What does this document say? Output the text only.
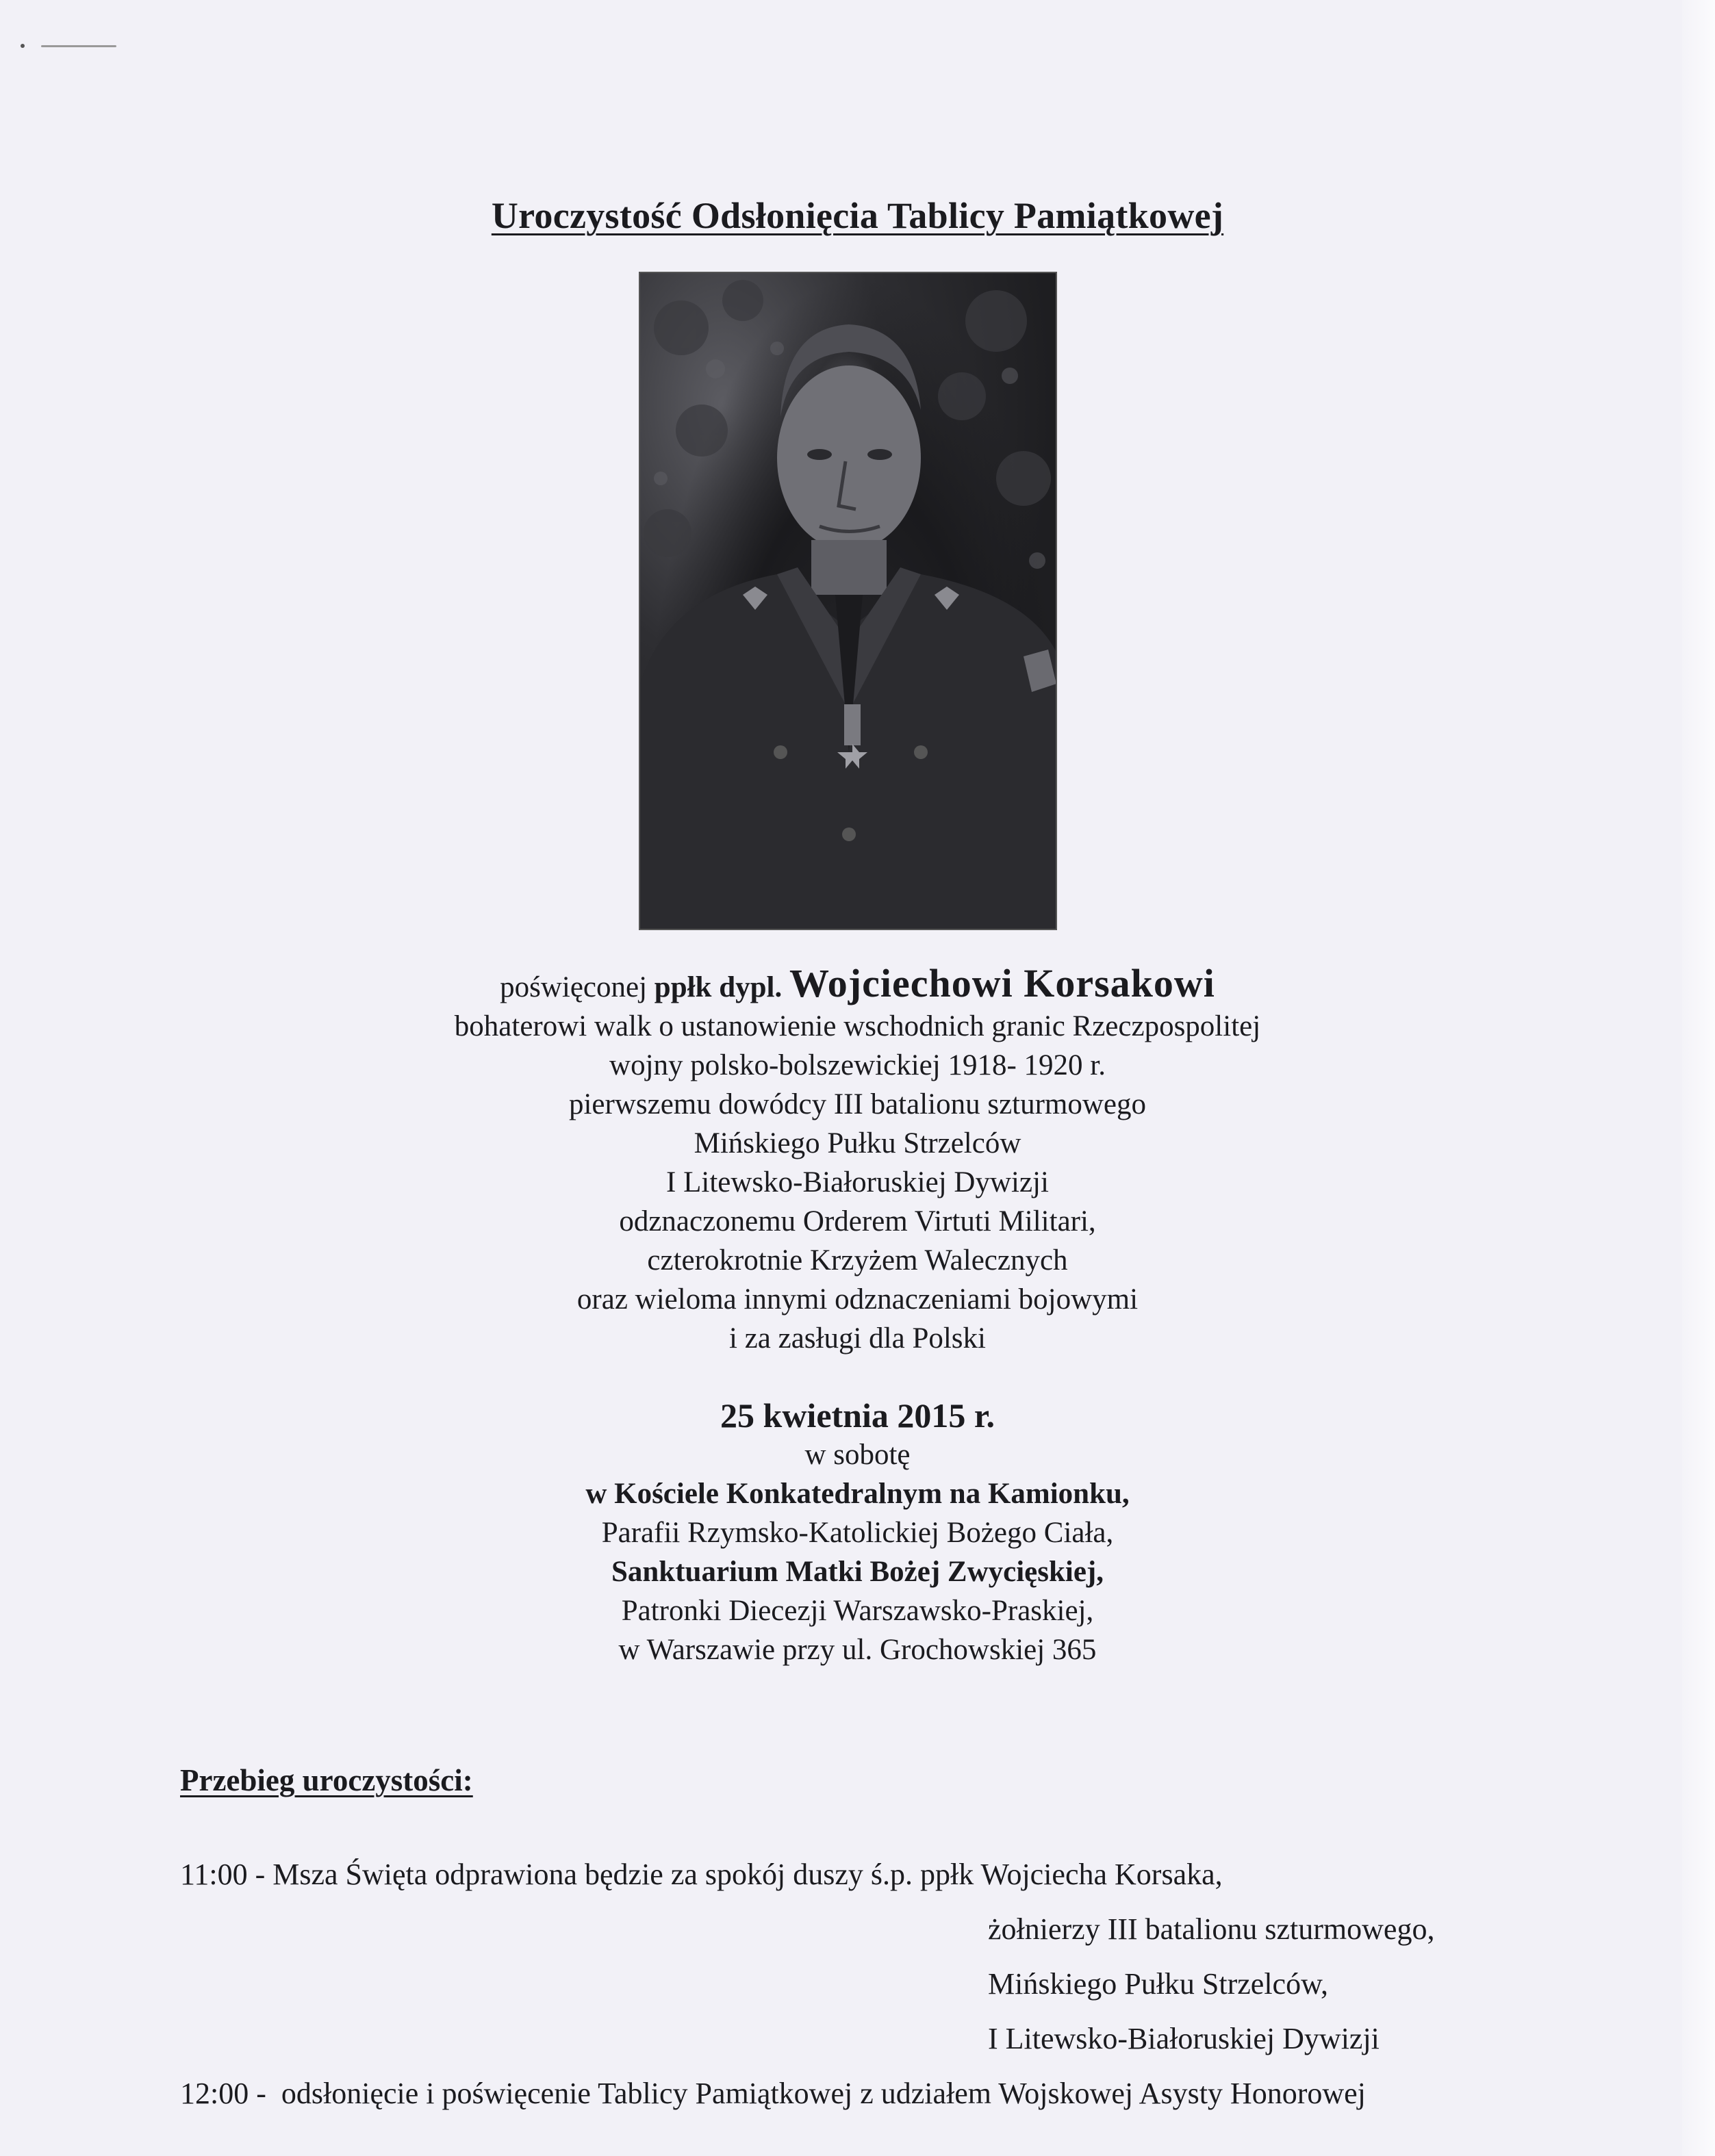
Uroczystość Odsłonięcia Tablicy Pamiątkowej
poświęconej ppłk dypl. Wojciechowi Korsakowi
bohaterowi walk o ustanowienie wschodnich granic Rzeczpospolitej
wojny polsko-bolszewickiej 1918- 1920 r.
pierwszemu dowódcy III batalionu szturmowego
Mińskiego Pułku Strzelców
I Litewsko-Białoruskiej Dywizji
odznaczonemu Orderem Virtuti Militari,
czterokrotnie Krzyżem Walecznych
oraz wieloma innymi odznaczeniami bojowymi
i za zasługi dla Polski
25 kwietnia 2015 r.
w sobotę
w Kościele Konkatedralnym na Kamionku,
Parafii Rzymsko-Katolickiej Bożego Ciała,
Sanktuarium Matki Bożej Zwycięskiej,
Patronki Diecezji Warszawsko-Praskiej,
w Warszawie przy ul. Grochowskiej 365
Przebieg uroczystości:
11:00 - Msza Święta odprawiona będzie za spokój duszy ś.p. ppłk Wojciecha Korsaka,
żołnierzy III batalionu szturmowego,
Mińskiego Pułku Strzelców,
I Litewsko-Białoruskiej Dywizji
12:00 - odsłonięcie i poświęcenie Tablicy Pamiątkowej z udziałem Wojskowej Asysty Honorowej
